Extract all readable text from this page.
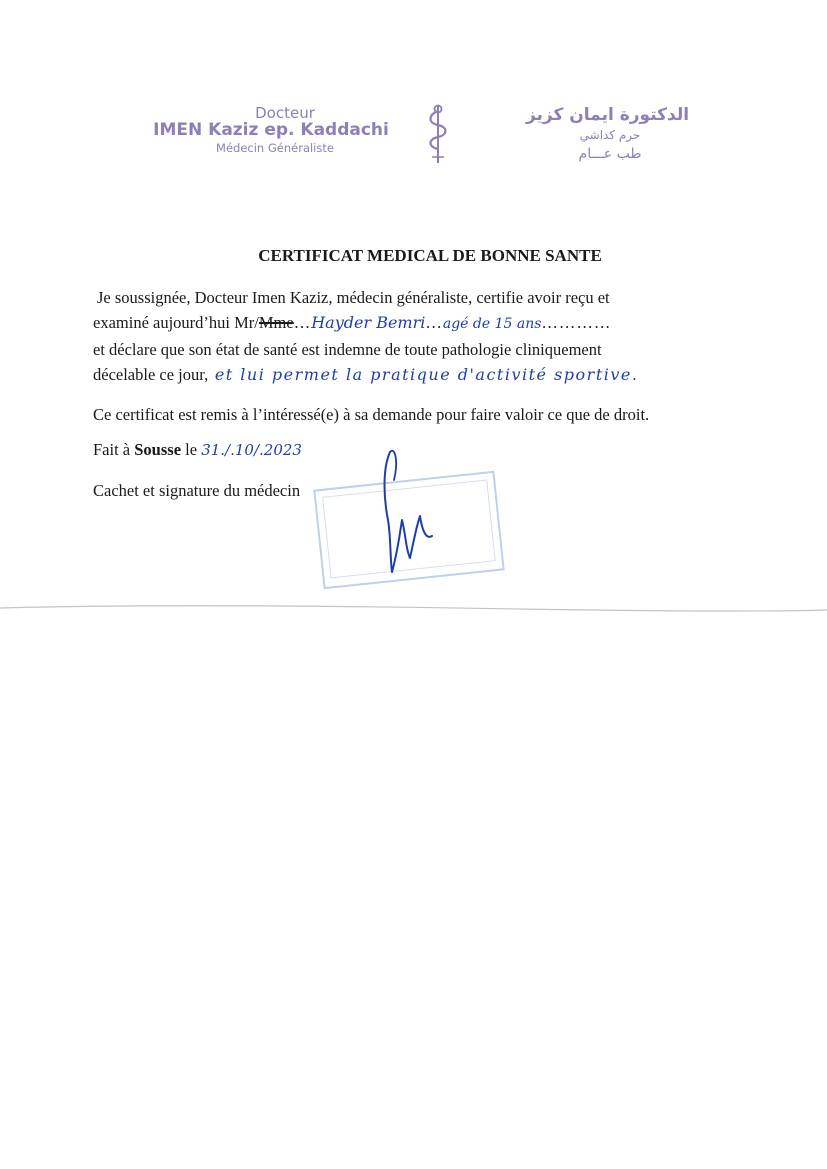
Docteur
IMEN Kaziz ep. Kaddachi
Médecin Généraliste
الدكتورة ايمان كزيز
حرم كداشي
طب عـــام
CERTIFICAT MEDICAL DE BONNE SANTE
Je soussignée, Docteur Imen Kaziz, médecin généraliste, certifie avoir reçu et
examiné aujourd’hui Mr/Mme…Hayder Bemri…agé de 15 ans…………
et déclare que son état de santé est indemne de toute pathologie cliniquement
décelable ce jour, et lui permet la pratique d'activité sportive.
Ce certificat est remis à l’intéressé(e) à sa demande pour faire valoir ce que de droit.
Fait à Sousse le 31./.10/.2023
Cachet et signature du médecin
